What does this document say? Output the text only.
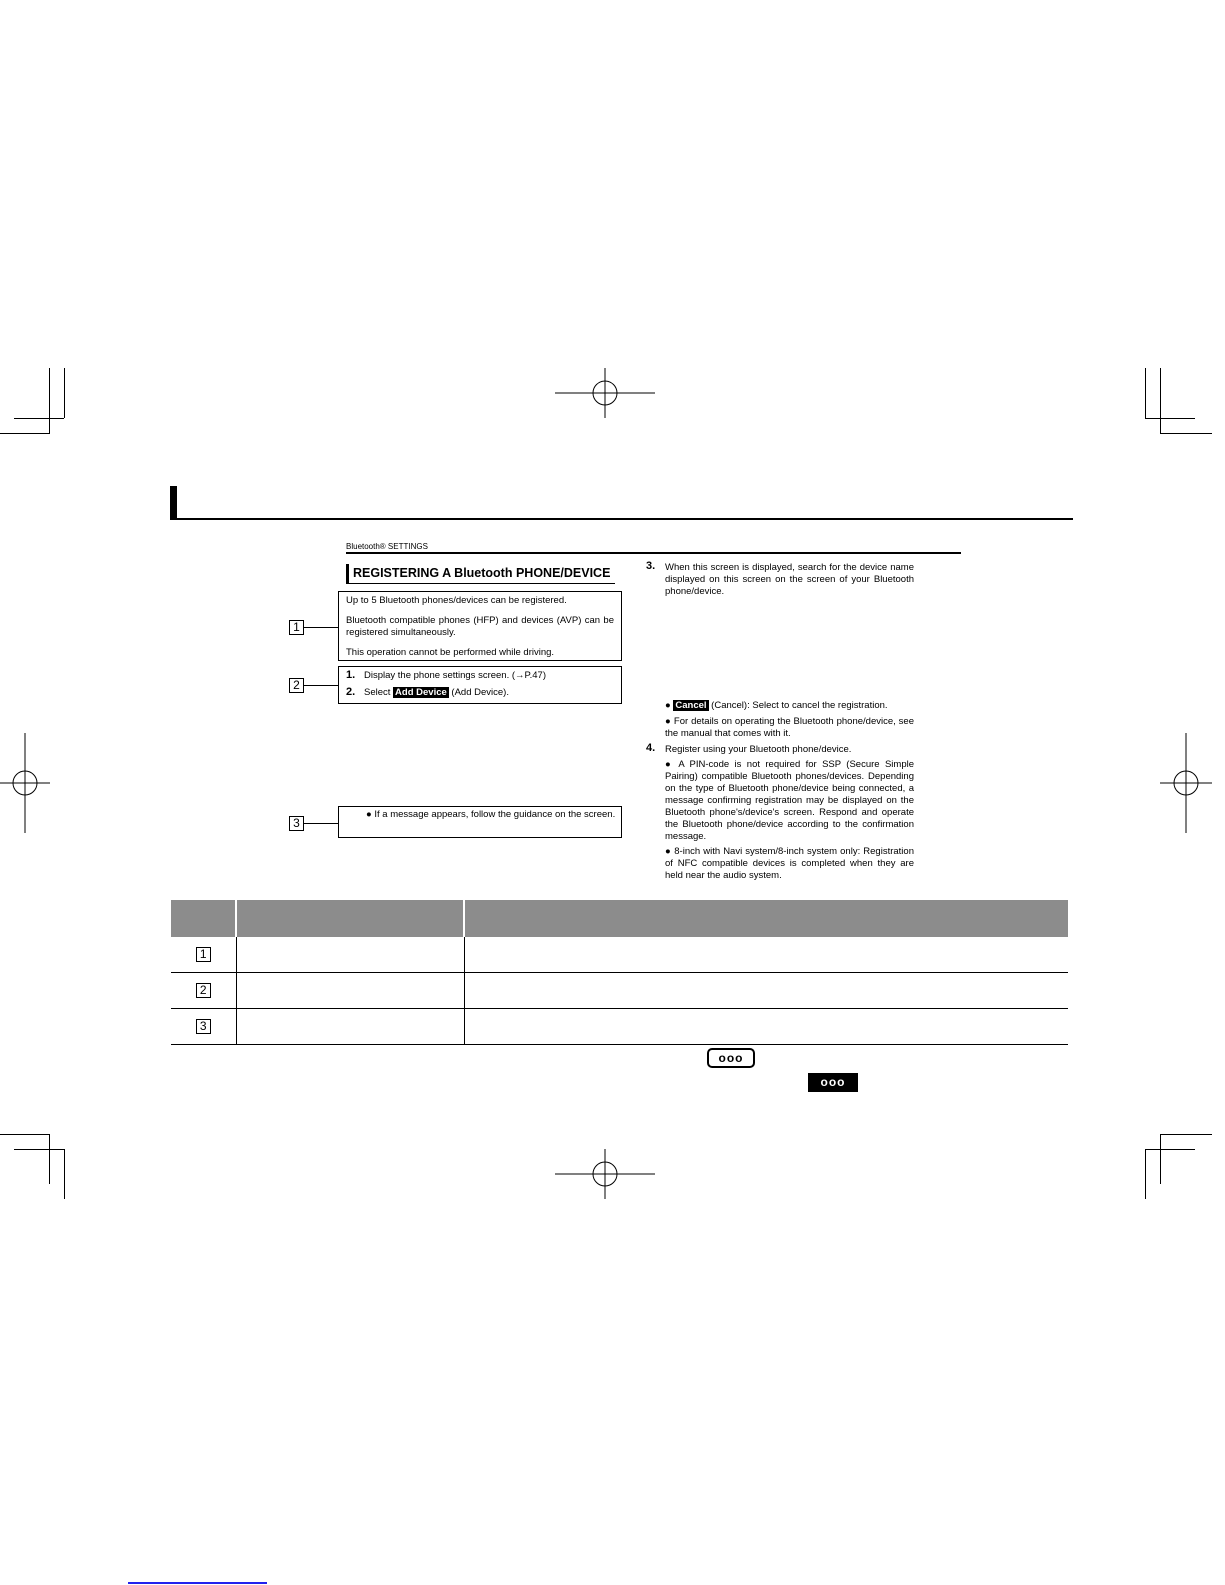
Bluetooth® SETTINGS
REGISTERING A Bluetooth PHONE/DEVICE

Up to 5 Bluetooth phones/devices can be registered.

Bluetooth compatible phones (HFP) and devices (AVP) can be registered simultaneously.

This operation cannot be performed while driving.

1
1. Display the phone settings screen. (→P.47)
2. Select Add Device (Add Device).
2
● If a message appears, follow the guidance on the screen.
3
3. When this screen is displayed, search for the device name displayed on this screen on the screen of your Bluetooth phone/device.
● Cancel (Cancel): Select to cancel the registration.
● For details on operating the Bluetooth phone/device, see the manual that comes with it.
4. Register using your Bluetooth phone/device.
● A PIN-code is not required for SSP (Secure Simple Pairing) compatible Bluetooth phones/devices. Depending on the type of Bluetooth phone/device being connected, a message confirming registration may be displayed on the Bluetooth phone's/device's screen. Respond and operate the Bluetooth phone/device according to the confirmation message.
● 8-inch with Navi system/8-inch system only: Registration of NFC compatible devices is completed when they are held near the audio system.

1		
2		
3		
ooo
ooo
